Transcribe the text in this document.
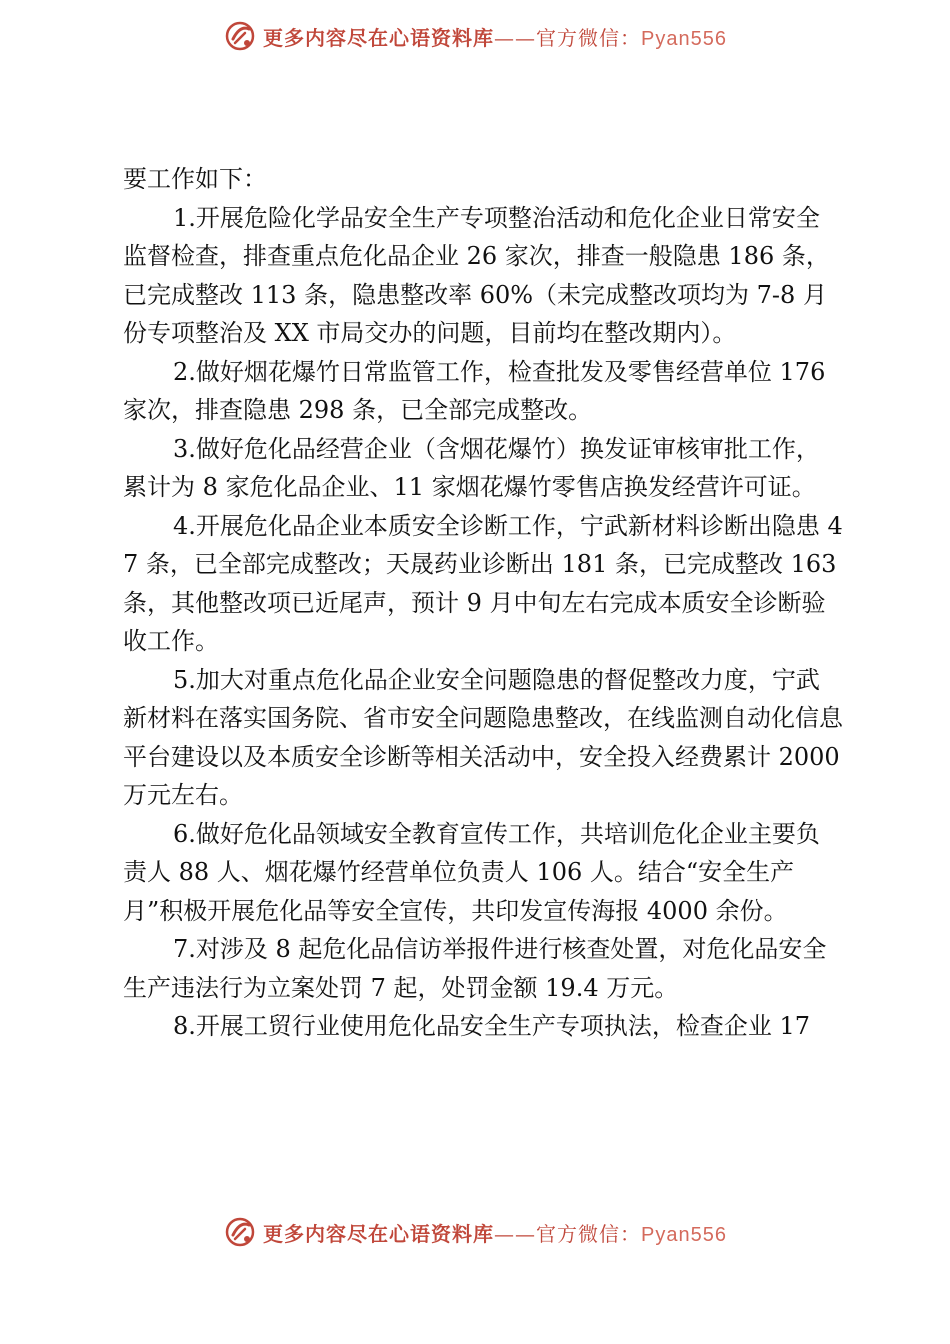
更多内容尽在心语资料库——官方微信：Pyan556

要工作如下：

1.开展危险化学品安全生产专项整治活动和危化企业日常安全监督检查，排查重点危化品企业 26 家次，排查一般隐患 186 条，已完成整改 113 条，隐患整改率 60%（未完成整改项均为 7-8 月份专项整治及 XX 市局交办的问题，目前均在整改期内）。

2.做好烟花爆竹日常监管工作，检查批发及零售经营单位 176 家次，排查隐患 298 条，已全部完成整改。

3.做好危化品经营企业（含烟花爆竹）换发证审核审批工作，累计为 8 家危化品企业、11 家烟花爆竹零售店换发经营许可证。

4.开展危化品企业本质安全诊断工作，宁武新材料诊断出隐患 47 条，已全部完成整改；天晟药业诊断出 181 条，已完成整改 163 条，其他整改项已近尾声，预计 9 月中旬左右完成本质安全诊断验收工作。

5.加大对重点危化品企业安全问题隐患的督促整改力度，宁武新材料在落实国务院、省市安全问题隐患整改，在线监测自动化信息平台建设以及本质安全诊断等相关活动中，安全投入经费累计 2000 万元左右。

6.做好危化品领域安全教育宣传工作，共培训危化企业主要负责人 88 人、烟花爆竹经营单位负责人 106 人。结合“安全生产月”积极开展危化品等安全宣传，共印发宣传海报 4000 余份。

7.对涉及 8 起危化品信访举报件进行核查处置，对危化品安全生产违法行为立案处罚 7 起，处罚金额 19.4 万元。

8.开展工贸行业使用危化品安全生产专项执法，检查企业 17

更多内容尽在心语资料库——官方微信：Pyan556
